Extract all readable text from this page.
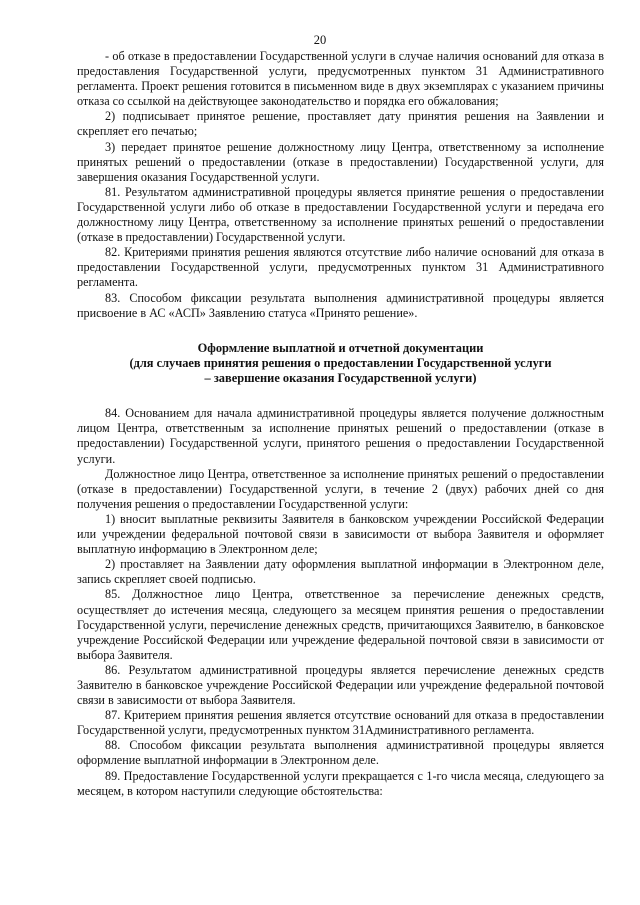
20

- об отказе в предоставлении Государственной услуги в случае наличия оснований для отказа в предоставления Государственной услуги, предусмотренных пунктом 31 Административного регламента. Проект решения готовится в письменном виде в двух экземплярах с указанием причины отказа со ссылкой на действующее законодательство и порядка его обжалования;

2) подписывает принятое решение, проставляет дату принятия решения на Заявлении и скрепляет его печатью;

3) передает принятое решение должностному лицу Центра, ответственному за исполнение принятых решений о предоставлении (отказе в предоставлении) Государственной услуги, для завершения оказания Государственной услуги.

81. Результатом административной процедуры является принятие решения о предоставлении Государственной услуги либо об отказе в предоставлении Государственной услуги и передача его должностному лицу Центра, ответственному за исполнение принятых решений о предоставлении (отказе в предоставлении) Государственной услуги.

82. Критериями принятия решения являются отсутствие либо наличие оснований для отказа в предоставлении Государственной услуги, предусмотренных пунктом 31 Административного регламента.

83. Способом фиксации результата выполнения административной процедуры является присвоение в АС «АСП» Заявлению статуса «Принято решение».

Оформление выплатной и отчетной документации
(для случаев принятия решения о предоставлении Государственной услуги
– завершение оказания Государственной услуги)

84. Основанием для начала административной процедуры является получение должностным лицом Центра, ответственным за исполнение принятых решений о предоставлении (отказе в предоставлении) Государственной услуги, принятого решения о предоставлении Государственной услуги.

Должностное лицо Центра, ответственное за исполнение принятых решений о предоставлении (отказе в предоставлении) Государственной услуги, в течение 2 (двух) рабочих дней со дня получения решения о предоставлении Государственной услуги:

1) вносит выплатные реквизиты Заявителя в банковском учреждении Российской Федерации или учреждении федеральной почтовой связи в зависимости от выбора Заявителя и оформляет выплатную информацию в Электронном деле;

2) проставляет на Заявлении дату оформления выплатной информации в Электронном деле, запись скрепляет своей подписью.

85. Должностное лицо Центра, ответственное за перечисление денежных средств, осуществляет до истечения месяца, следующего за месяцем принятия решения о предоставлении Государственной услуги, перечисление денежных средств, причитающихся Заявителю, в банковское учреждение Российской Федерации или учреждение федеральной почтовой связи в зависимости от выбора Заявителя.

86. Результатом административной процедуры является перечисление денежных средств Заявителю в банковское учреждение Российской Федерации или учреждение федеральной почтовой связи в зависимости от выбора Заявителя.

87. Критерием принятия решения является отсутствие оснований для отказа в предоставлении Государственной услуги, предусмотренных пунктом 31Административного регламента.

88. Способом фиксации результата выполнения административной процедуры является оформление выплатной информации в Электронном деле.

89. Предоставление Государственной услуги прекращается с 1-го числа месяца, следующего за месяцем, в котором наступили следующие обстоятельства:
